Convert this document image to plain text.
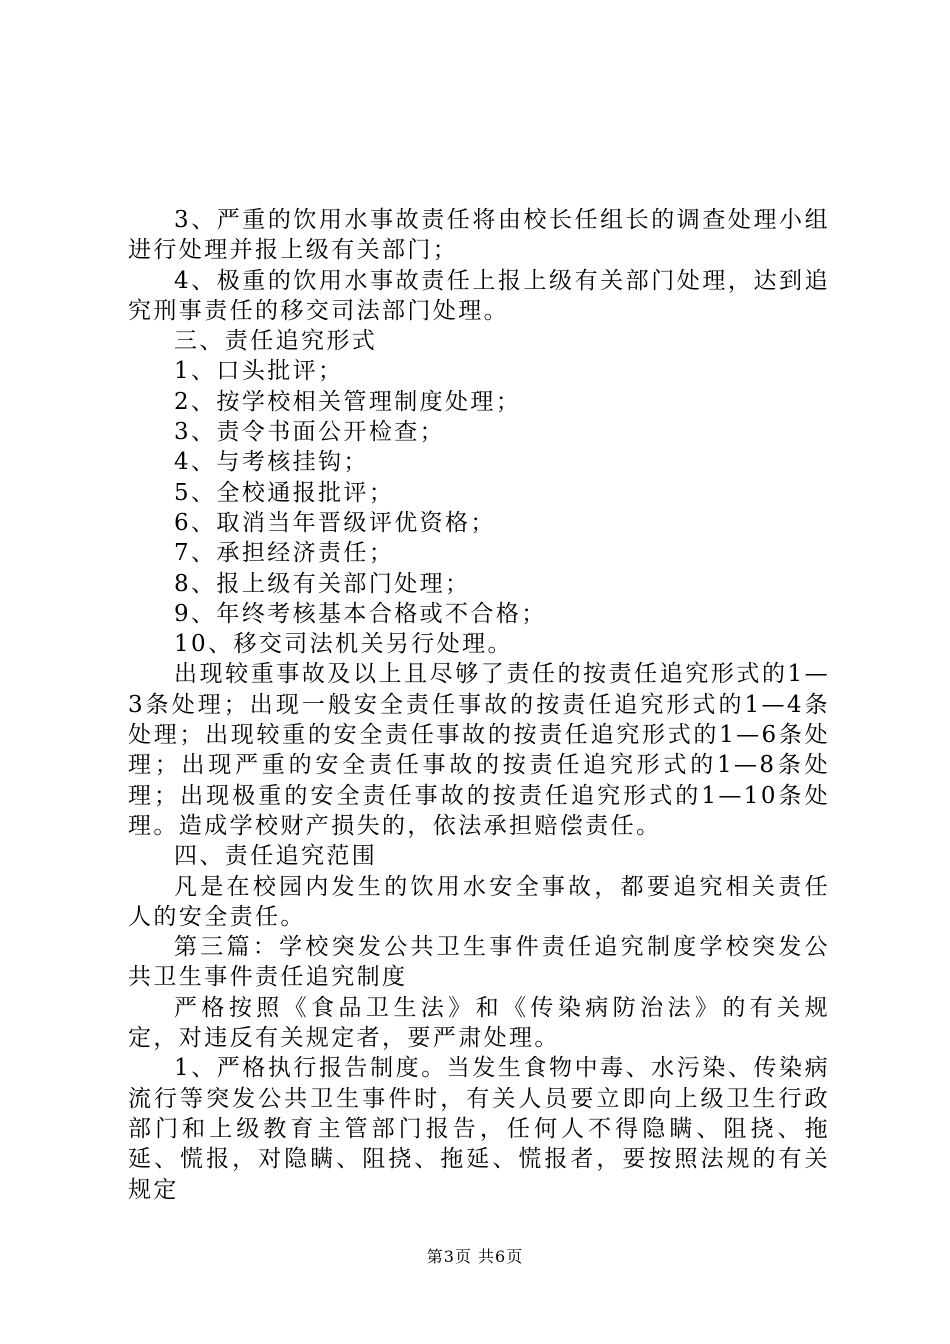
3、严重的饮用水事故责任将由校长任组长的调查处理小组进行处理并报上级有关部门；

4、极重的饮用水事故责任上报上级有关部门处理，达到追究刑事责任的移交司法部门处理。

三、责任追究形式

1、口头批评；

2、按学校相关管理制度处理；

3、责令书面公开检查；

4、与考核挂钩；

5、全校通报批评；

6、取消当年晋级评优资格；

7、承担经济责任；

8、报上级有关部门处理；

9、年终考核基本合格或不合格；

10、移交司法机关另行处理。

出现较重事故及以上且尽够了责任的按责任追究形式的1—3条处理；出现一般安全责任事故的按责任追究形式的1—4条处理；出现较重的安全责任事故的按责任追究形式的1—6条处理；出现严重的安全责任事故的按责任追究形式的1—8条处理；出现极重的安全责任事故的按责任追究形式的1—10条处理。造成学校财产损失的，依法承担赔偿责任。

四、责任追究范围

凡是在校园内发生的饮用水安全事故，都要追究相关责任人的安全责任。

第三篇：学校突发公共卫生事件责任追究制度学校突发公共卫生事件责任追究制度

严格按照《食品卫生法》和《传染病防治法》的有关规定，对违反有关规定者，要严肃处理。

1、严格执行报告制度。当发生食物中毒、水污染、传染病流行等突发公共卫生事件时，有关人员要立即向上级卫生行政部门和上级教育主管部门报告，任何人不得隐瞒、阻挠、拖延、慌报，对隐瞒、阻挠、拖延、慌报者，要按照法规的有关规定

第3页 共6页
